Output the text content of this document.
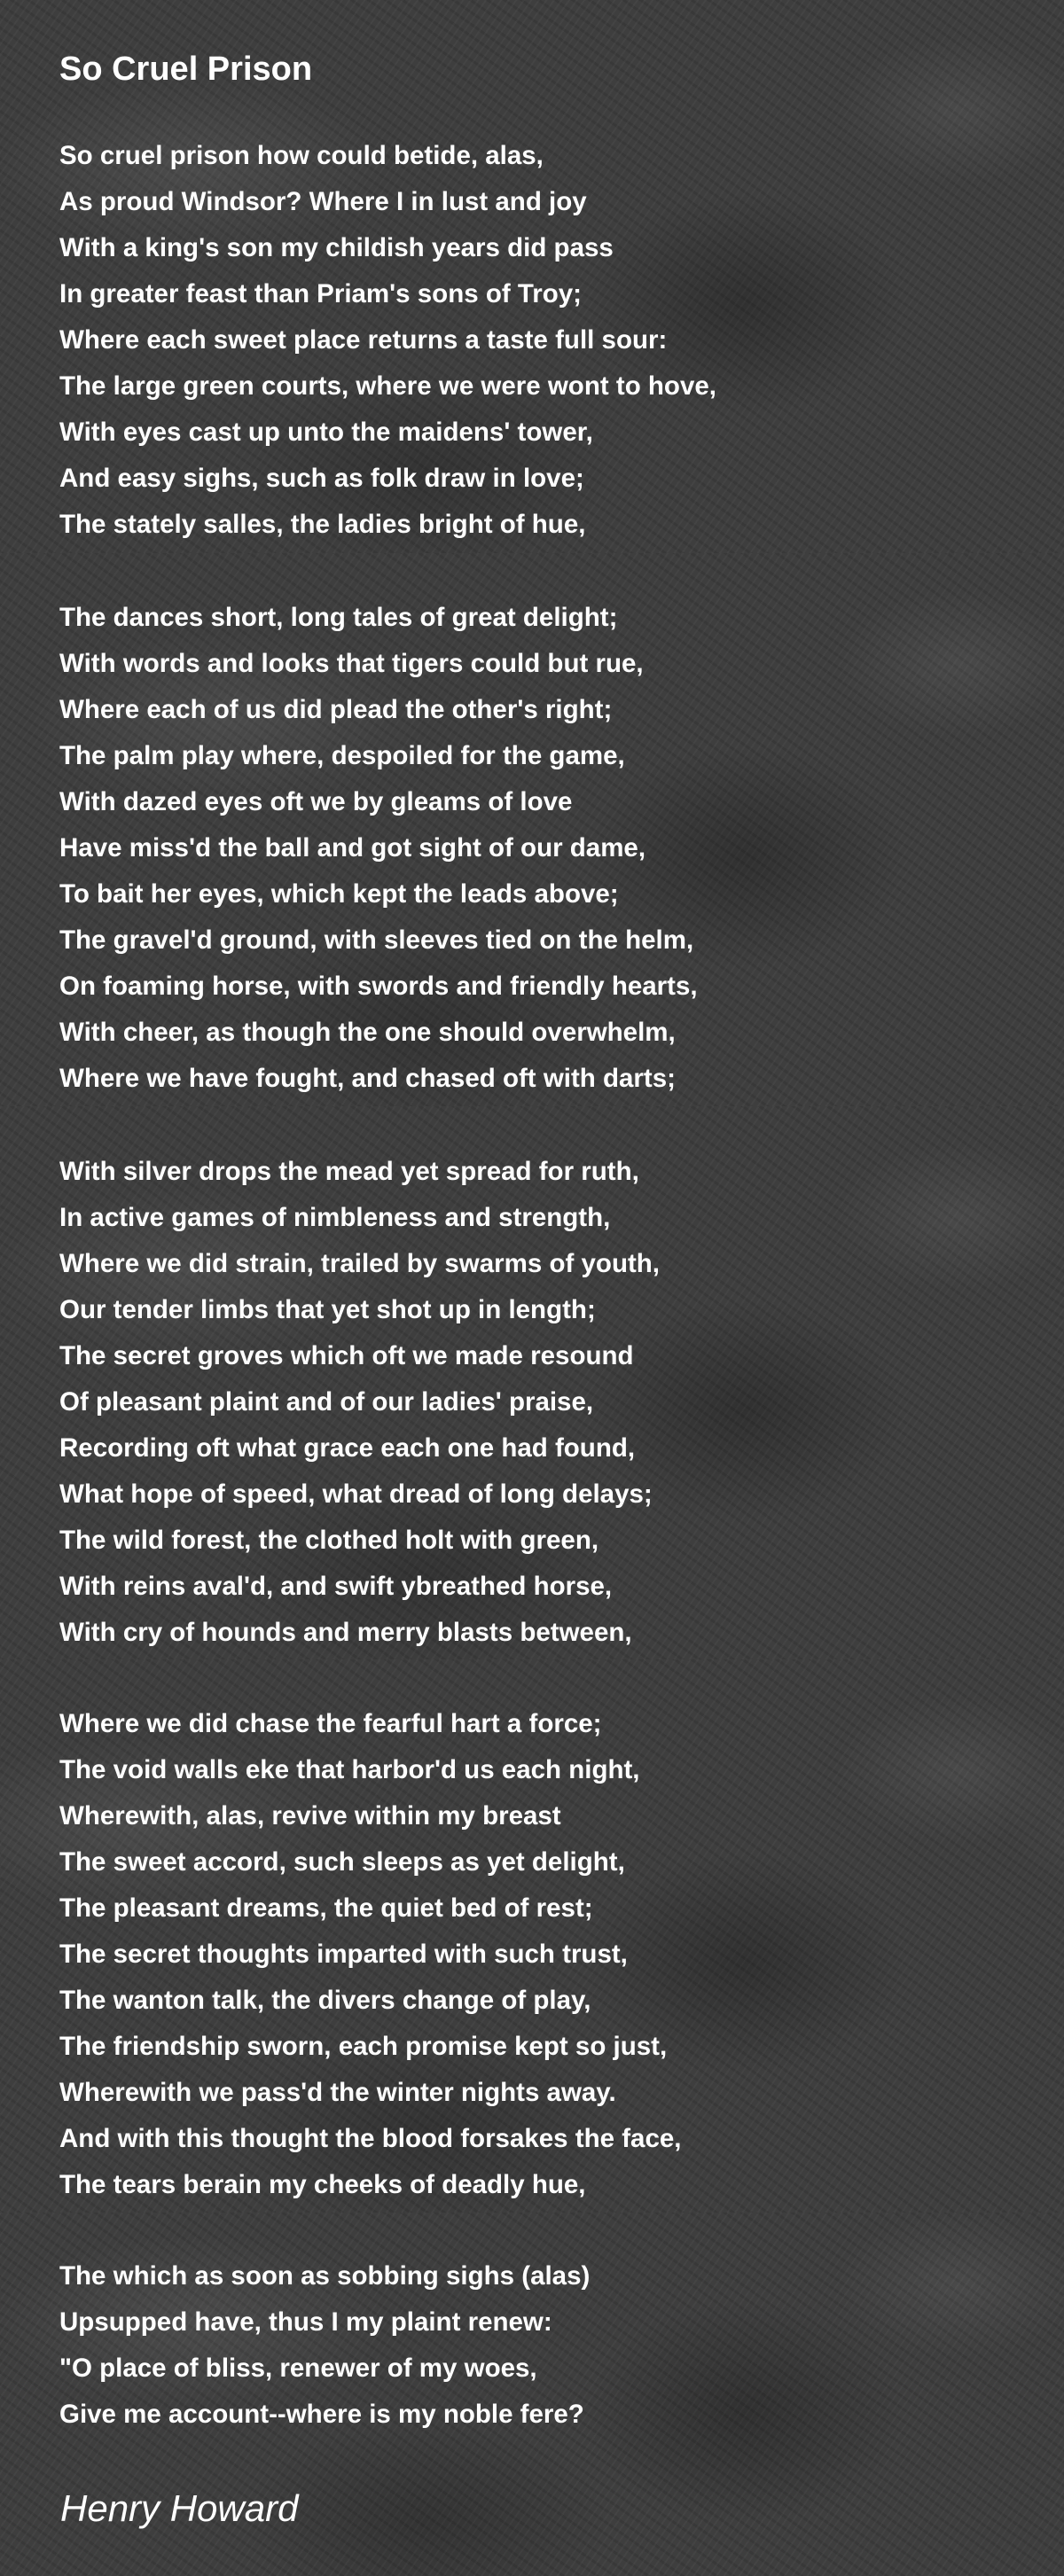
So Cruel Prison
So cruel prison how could betide, alas,
As proud Windsor? Where I in lust and joy
With a king's son my childish years did pass
In greater feast than Priam's sons of Troy;
Where each sweet place returns a taste full sour:
The large green courts, where we were wont to hove,
With eyes cast up unto the maidens' tower,
And easy sighs, such as folk draw in love;
The stately salles, the ladies bright of hue,
The dances short, long tales of great delight;
With words and looks that tigers could but rue,
Where each of us did plead the other's right;
The palm play where, despoiled for the game,
With dazed eyes oft we by gleams of love
Have miss'd the ball and got sight of our dame,
To bait her eyes, which kept the leads above;
The gravel'd ground, with sleeves tied on the helm,
On foaming horse, with swords and friendly hearts,
With cheer, as though the one should overwhelm,
Where we have fought, and chased oft with darts;
With silver drops the mead yet spread for ruth,
In active games of nimbleness and strength,
Where we did strain, trailed by swarms of youth,
Our tender limbs that yet shot up in length;
The secret groves which oft we made resound
Of pleasant plaint and of our ladies' praise,
Recording oft what grace each one had found,
What hope of speed, what dread of long delays;
The wild forest, the clothed holt with green,
With reins aval'd, and swift ybreathed horse,
With cry of hounds and merry blasts between,
Where we did chase the fearful hart a force;
The void walls eke that harbor'd us each night,
Wherewith, alas, revive within my breast
The sweet accord, such sleeps as yet delight,
The pleasant dreams, the quiet bed of rest;
The secret thoughts imparted with such trust,
The wanton talk, the divers change of play,
The friendship sworn, each promise kept so just,
Wherewith we pass'd the winter nights away.
And with this thought the blood forsakes the face,
The tears berain my cheeks of deadly hue,
The which as soon as sobbing sighs (alas)
Upsupped have, thus I my plaint renew:
"O place of bliss, renewer of my woes,
Give me account--where is my noble fere?
Henry Howard
